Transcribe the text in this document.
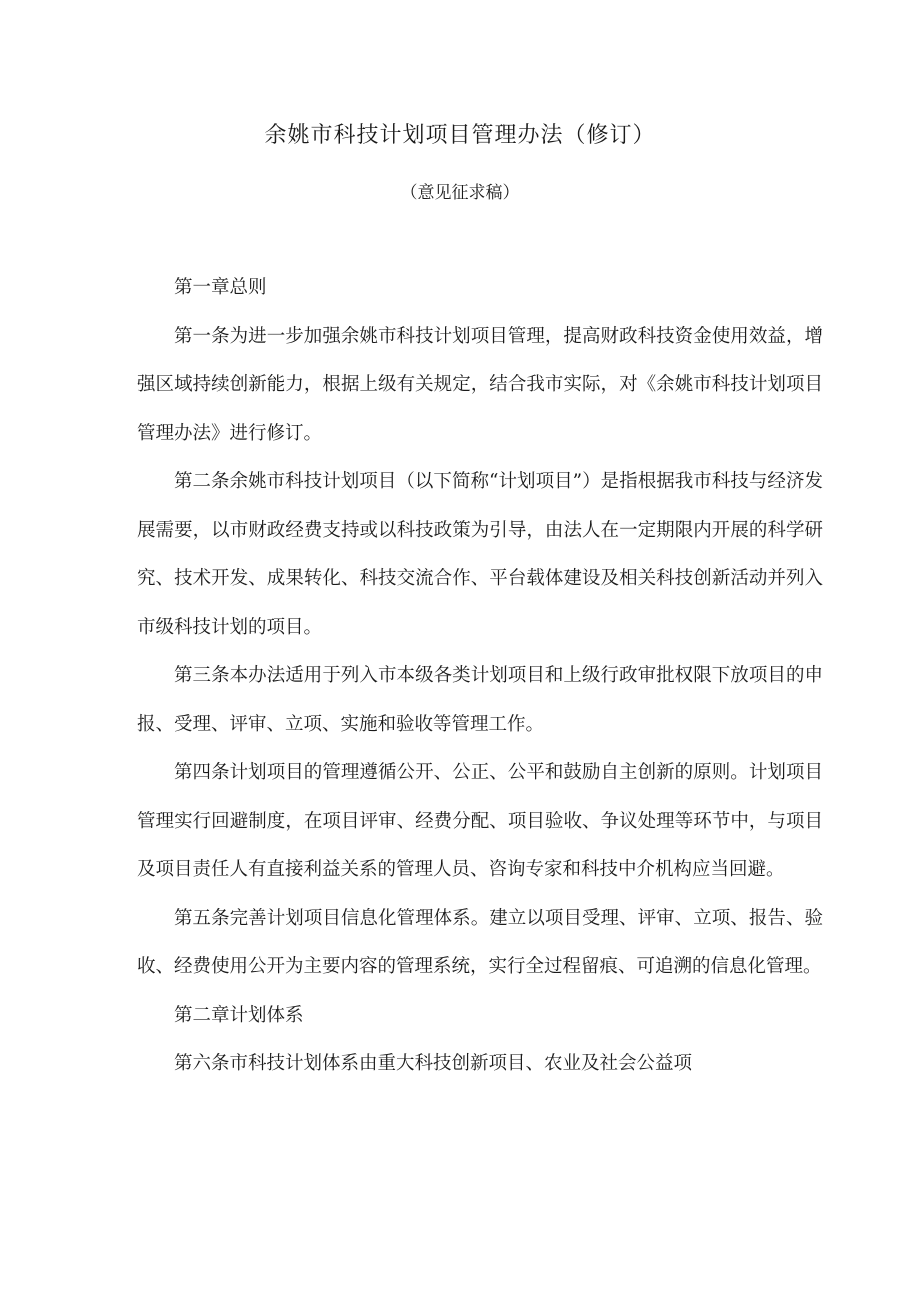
余姚市科技计划项目管理办法（修订）
（意见征求稿）

第一章总则

第一条为进一步加强余姚市科技计划项目管理，提高财政科技资金使用效益，增强区域持续创新能力，根据上级有关规定，结合我市实际，对《余姚市科技计划项目管理办法》进行修订。

第二条余姚市科技计划项目（以下简称“计划项目”）是指根据我市科技与经济发展需要，以市财政经费支持或以科技政策为引导，由法人在一定期限内开展的科学研究、技术开发、成果转化、科技交流合作、平台载体建设及相关科技创新活动并列入市级科技计划的项目。

第三条本办法适用于列入市本级各类计划项目和上级行政审批权限下放项目的申报、受理、评审、立项、实施和验收等管理工作。

第四条计划项目的管理遵循公开、公正、公平和鼓励自主创新的原则。计划项目管理实行回避制度，在项目评审、经费分配、项目验收、争议处理等环节中，与项目及项目责任人有直接利益关系的管理人员、咨询专家和科技中介机构应当回避。

第五条完善计划项目信息化管理体系。建立以项目受理、评审、立项、报告、验收、经费使用公开为主要内容的管理系统，实行全过程留痕、可追溯的信息化管理。

第二章计划体系

第六条市科技计划体系由重大科技创新项目、农业及社会公益项
